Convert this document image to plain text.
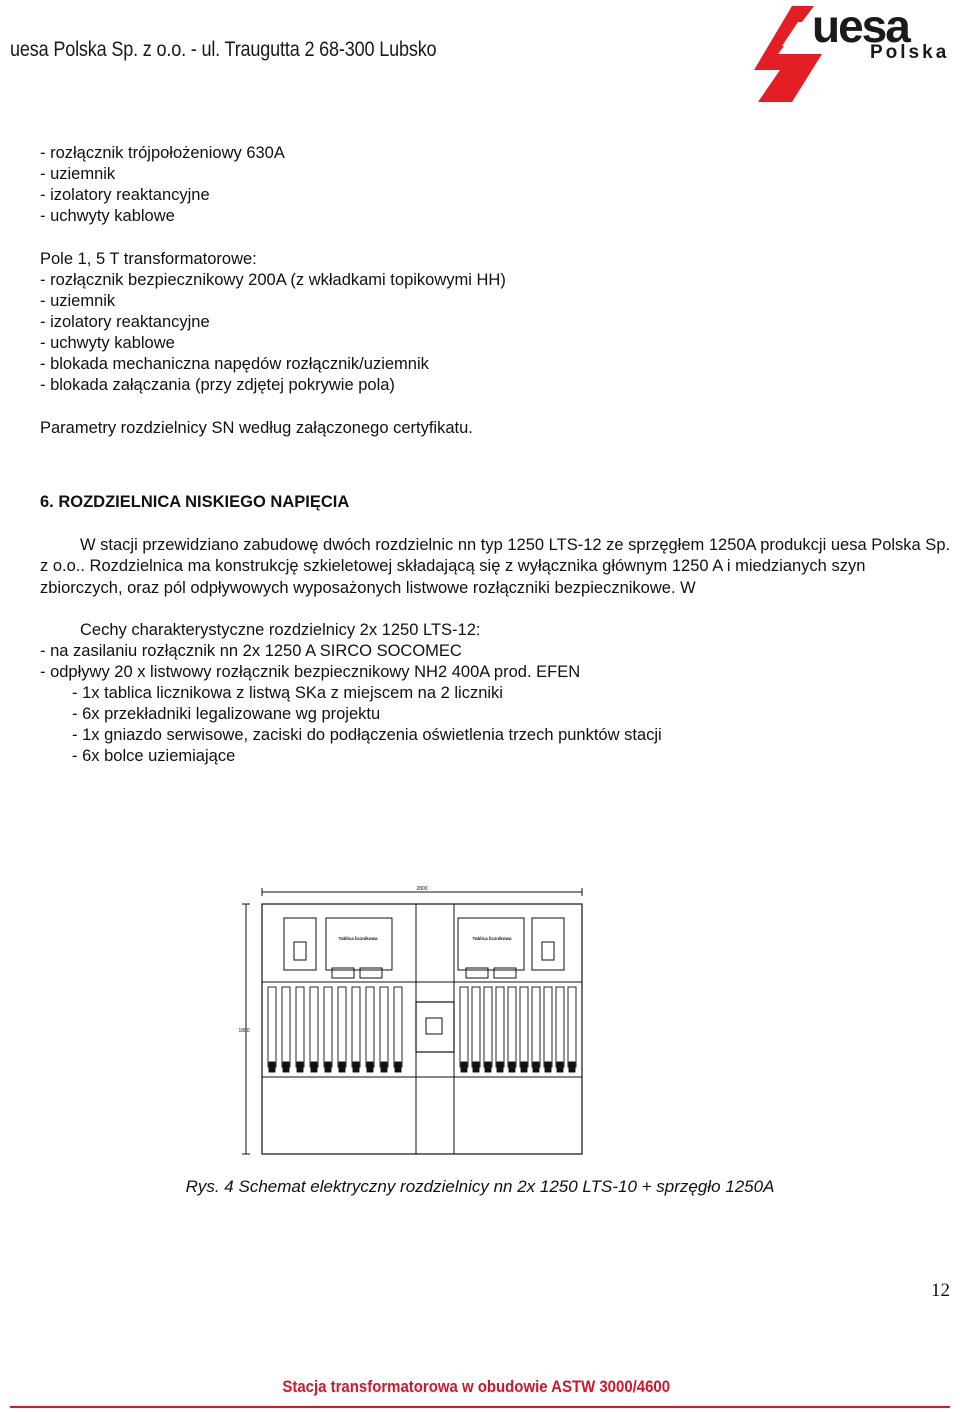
uesa Polska Sp. z o.o. - ul. Traugutta 2 68-300 Lubsko	uesa
Polska
- rozłącznik trójpołożeniowy 630A
- uziemnik
- izolatory reaktancyjne
- uchwyty kablowe
Pole 1, 5 T transformatorowe:
- rozłącznik bezpiecznikowy 200A (z wkładkami topikowymi HH)
- uziemnik
- izolatory reaktancyjne
- uchwyty kablowe
- blokada mechaniczna napędów rozłącznik/uziemnik
- blokada załączania (przy zdjętej pokrywie pola)
Parametry rozdzielnicy SN według załączonego certyfikatu.
6. ROZDZIELNICA NISKIEGO NAPIĘCIA
W stacji przewidziano zabudowę dwóch rozdzielnic nn typ 1250 LTS-12 ze sprzęgłem 1250A produkcji uesa Polska Sp. z o.o.. Rozdzielnica ma konstrukcję szkieletowej składającą się z wyłącznika głównym 1250 A i miedzianych szyn zbiorczych, oraz pól odpływowych wyposażonych listwowe rozłączniki bezpiecznikowe. W
Cechy charakterystyczne rozdzielnicy 2x 1250 LTS-12:
- na zasilaniu rozłącznik nn 2x 1250 A SIRCO SOCOMEC
- odpływy 20 x listwowy rozłącznik bezpiecznikowy NH2 400A prod. EFEN
- 1x tablica licznikowa z listwą SKa z miejscem na 2 liczniki
- 6x przekładniki legalizowane wg projektu
- 1x gniazdo serwisowe, zaciski do podłączenia oświetlenia trzech punktów stacji
- 6x bolce uziemiające
2800
1800
Tablica licznikowa	Tablica licznikowa
Rys. 4 Schemat elektryczny rozdzielnicy nn 2x 1250 LTS-10 + sprzęgło 1250A
12
Stacja transformatorowa w obudowie ASTW 3000/4600
